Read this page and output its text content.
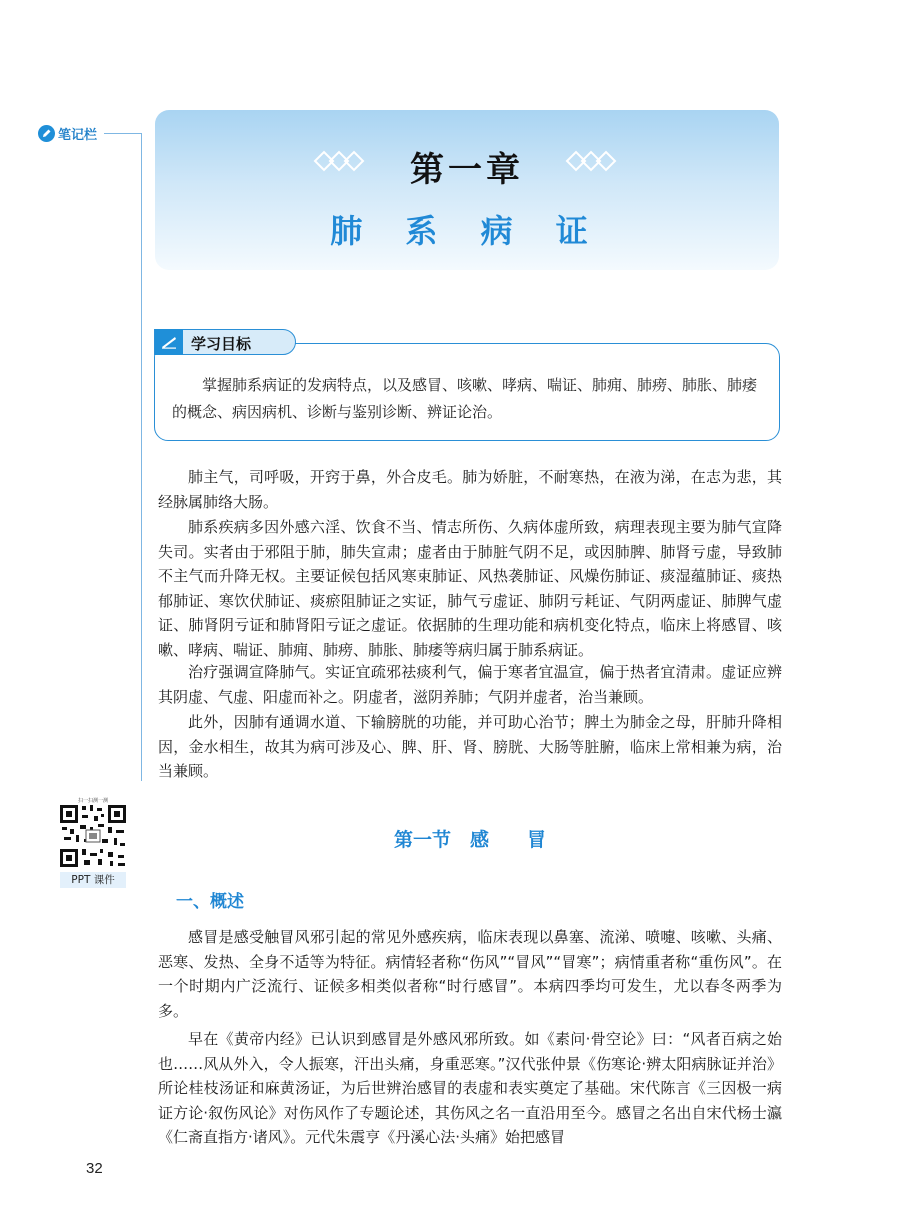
笔记栏
第一章
肺 系 病 证
学习目标
掌握肺系病证的发病特点，以及感冒、咳嗽、哮病、喘证、肺痈、肺痨、肺胀、肺痿的概念、病因病机、诊断与鉴别诊断、辨证论治。

肺主气，司呼吸，开窍于鼻，外合皮毛。肺为娇脏，不耐寒热，在液为涕，在志为悲，其经脉属肺络大肠。

肺系疾病多因外感六淫、饮食不当、情志所伤、久病体虚所致，病理表现主要为肺气宣降失司。实者由于邪阻于肺，肺失宣肃；虚者由于肺脏气阴不足，或因肺脾、肺肾亏虚，导致肺不主气而升降无权。主要证候包括风寒束肺证、风热袭肺证、风燥伤肺证、痰湿蕴肺证、痰热郁肺证、寒饮伏肺证、痰瘀阻肺证之实证，肺气亏虚证、肺阴亏耗证、气阴两虚证、肺脾气虚证、肺肾阴亏证和肺肾阳亏证之虚证。依据肺的生理功能和病机变化特点，临床上将感冒、咳嗽、哮病、喘证、肺痈、肺痨、肺胀、肺痿等病归属于肺系病证。

治疗强调宣降肺气。实证宜疏邪祛痰利气，偏于寒者宜温宣，偏于热者宜清肃。虚证应辨其阴虚、气虚、阳虚而补之。阴虚者，滋阴养肺；气阴并虚者，治当兼顾。

此外，因肺有通调水道、下输膀胱的功能，并可助心治节；脾土为肺金之母，肝肺升降相因，金水相生，故其为病可涉及心、脾、肝、肾、膀胱、大肠等脏腑，临床上常相兼为病，治当兼顾。

扫一扫测一测
PPT 课件
第一节　感　　冒
一、概述

感冒是感受触冒风邪引起的常见外感疾病，临床表现以鼻塞、流涕、喷嚏、咳嗽、头痛、恶寒、发热、全身不适等为特征。病情轻者称“伤风”“冒风”“冒寒”；病情重者称“重伤风”。在一个时期内广泛流行、证候多相类似者称“时行感冒”。本病四季均可发生，尤以春冬两季为多。

早在《黄帝内经》已认识到感冒是外感风邪所致。如《素问·骨空论》曰：“风者百病之始也……风从外入，令人振寒，汗出头痛，身重恶寒。”汉代张仲景《伤寒论·辨太阳病脉证并治》所论桂枝汤证和麻黄汤证，为后世辨治感冒的表虚和表实奠定了基础。宋代陈言《三因极一病证方论·叙伤风论》对伤风作了专题论述，其伤风之名一直沿用至今。感冒之名出自宋代杨士瀛《仁斋直指方·诸风》。元代朱震亨《丹溪心法·头痛》始把感冒

32
